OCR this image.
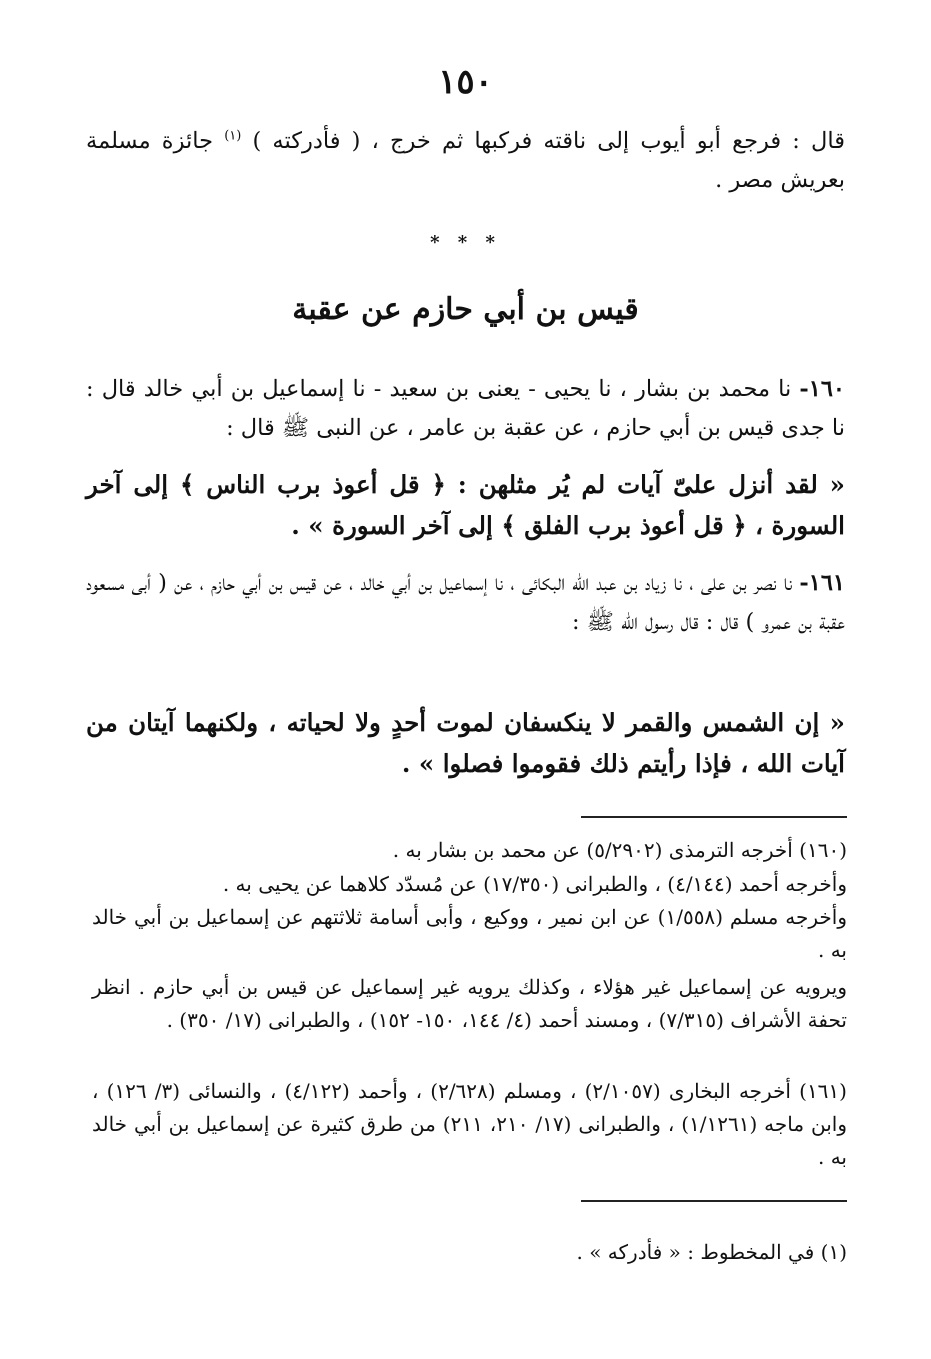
١٥٠
قال : فرجع أبو أيوب إلى ناقته فركبها ثم خرج ، ( فأدركته ) $^{(١)}$ جائزة مسلمة بعريش مصر .
* * *
قيس بن أبي حازم عن عقبة
١٦٠- نا محمد بن بشار ، نا يحيى - يعنى بن سعيد - نا إسماعيل بن أبي خالد قال : نا جدى قيس بن أبي حازم ، عن عقبة بن عامر ، عن النبى ﷺ قال :
« لقد أنزل علىّ آيات لم يُر مثلهن : ﴿ قل أعوذ برب الناس ﴾ إلى آخر السورة ، ﴿ قل أعوذ برب الفلق ﴾ إلى آخر السورة » .
١٦١- نا نصر بن على ، نا زياد بن عبد الله البكائى ، نا إسماعيل بن أبي خالد ، عن قيس بن أبي حازم ، عن ( أبى مسعود عقبة بن عمرو ) قال : قال رسول الله ﷺ :
« إن الشمس والقمر لا ينكسفان لموت أحدٍ ولا لحياته ، ولكنهما آيتان من آيات الله ، فإذا رأيتم ذلك فقوموا فصلوا » .
(١٦٠) أخرجه الترمذى (٥/٢٩٠٢) عن محمد بن بشار به .
وأخرجه أحمد (٤/١٤٤) ، والطبرانى (١٧/٣٥٠) عن مُسدّد كلاهما عن يحيى به .
وأخرجه مسلم (١/٥٥٨) عن ابن نمير ، ووكيع ، وأبى أسامة ثلاثتهم عن إسماعيل بن أبي خالد به .
ويرويه عن إسماعيل غير هؤلاء ، وكذلك يرويه غير إسماعيل عن قيس بن أبي حازم . انظر تحفة الأشراف (٧/٣١٥) ، ومسند أحمد (٤/ ١٤٤، ١٥٠- ١٥٢) ، والطبرانى (١٧/ ٣٥٠) .
(١٦١) أخرجه البخارى (٢/١٠٥٧) ، ومسلم (٢/٦٢٨) ، وأحمد (٤/١٢٢) ، والنسائى (٣/ ١٢٦) ، وابن ماجه (١/١٢٦١) ، والطبرانى (١٧/ ٢١٠، ٢١١) من طرق كثيرة عن إسماعيل بن أبي خالد به .
(١) في المخطوط : « فأدركه » .
